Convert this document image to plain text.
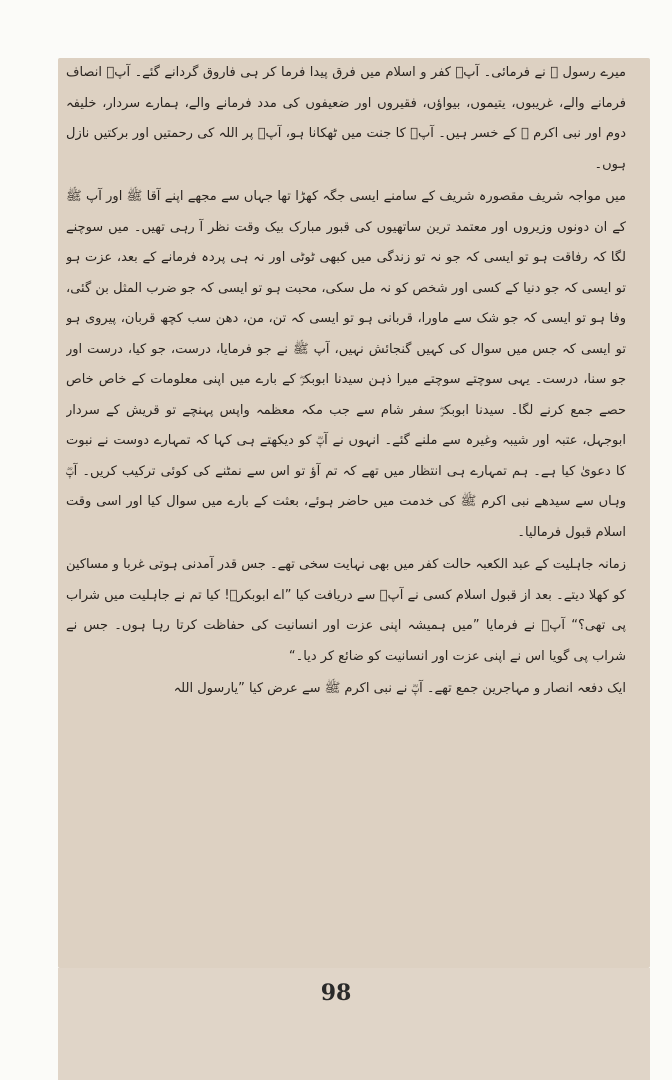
میرے رسول ﷺ نے فرمائی۔ آپؓ کفر و اسلام میں فرق پیدا فرما کر ہی فاروق گردانے گئے۔ آپؓ انصاف فرمانے والے، غریبوں، یتیموں، بیواؤں، فقیروں اور ضعیفوں کی مدد فرمانے والے، ہمارے سردار، خلیفہ دوم اور نبی اکرم ﷺ کے خسر ہیں۔ آپؓ کا جنت میں ٹھکانا ہو، آپؓ پر اللہ کی رحمتیں اور برکتیں نازل ہوں۔

میں مواجہ شریف مقصورہ شریف کے سامنے ایسی جگہ کھڑا تھا جہاں سے مجھے اپنے آقا ﷺ اور آپ ﷺ کے ان دونوں وزیروں اور معتمد ترین ساتھیوں کی قبور مبارک بیک وقت نظر آ رہی تھیں۔ میں سوچنے لگا کہ رفاقت ہو تو ایسی کہ جو نہ تو زندگی میں کبھی ٹوٹی اور نہ ہی پردہ فرمانے کے بعد، عزت ہو تو ایسی کہ جو دنیا کے کسی اور شخص کو نہ مل سکی، محبت ہو تو ایسی کہ جو ضرب المثل بن گئی، وفا ہو تو ایسی کہ جو شک سے ماورا، قربانی ہو تو ایسی کہ تن، من، دھن سب کچھ قربان، پیروی ہو تو ایسی کہ جس میں سوال کی کہیں گنجائش نہیں، آپ ﷺ نے جو فرمایا، درست، جو کیا، درست اور جو سنا، درست۔ یہی سوچتے سوچتے میرا ذہن سیدنا ابوبکرؓ کے بارے میں اپنی معلومات کے خاص خاص حصے جمع کرنے لگا۔ سیدنا ابوبکرؓ سفر شام سے جب مکہ معظمہ واپس پہنچے تو قریش کے سردار ابوجہل، عتبہ اور شیبہ وغیرہ سے ملنے گئے۔ انہوں نے آپؓ کو دیکھتے ہی کہا کہ تمہارے دوست نے نبوت کا دعویٰ کیا ہے۔ ہم تمہارے ہی انتظار میں تھے کہ تم آؤ تو اس سے نمٹنے کی کوئی ترکیب کریں۔ آپؓ وہاں سے سیدھے نبی اکرم ﷺ کی خدمت میں حاضر ہوئے، بعثت کے بارے میں سوال کیا اور اسی وقت اسلام قبول فرمالیا۔

زمانہ جاہلیت کے عبد الکعبہ حالت کفر میں بھی نہایت سخی تھے۔ جس قدر آمدنی ہوتی غربا و مساکین کو کھلا دیتے۔ بعد از قبول اسلام کسی نے آپؓ سے دریافت کیا ”اے ابوبکرؓ! کیا تم نے جاہلیت میں شراب پی تھی؟“ آپؓ نے فرمایا ”میں ہمیشہ اپنی عزت اور انسانیت کی حفاظت کرتا رہا ہوں۔ جس نے شراب پی گویا اس نے اپنی عزت اور انسانیت کو ضائع کر دیا۔“

ایک دفعہ انصار و مہاجرین جمع تھے۔ آپؓ نے نبی اکرم ﷺ سے عرض کیا ”یارسول اللہ

98
